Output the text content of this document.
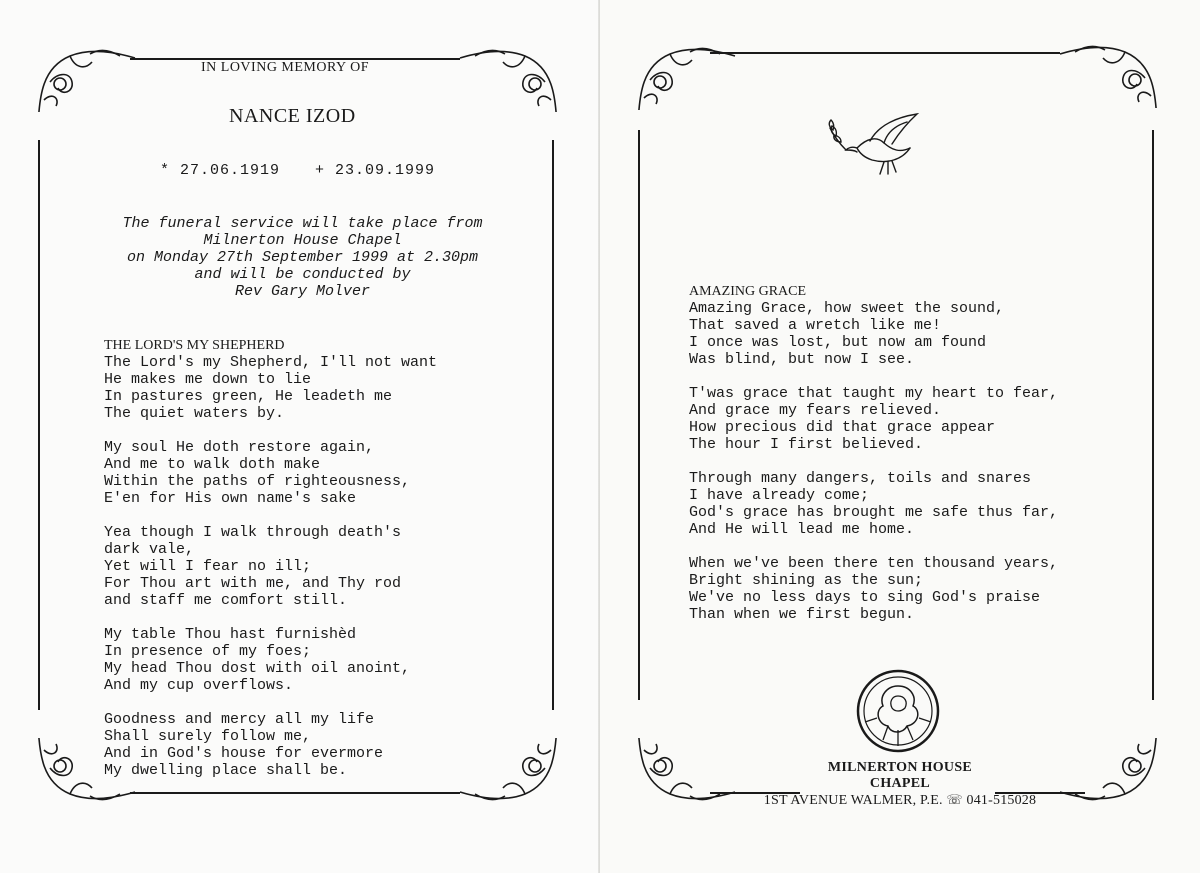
IN LOVING MEMORY OF
NANCE IZOD
* 27.06.1919 + 23.09.1999
The funeral service will take place from
Milnerton House Chapel
on Monday 27th September 1999 at 2.30pm
and will be conducted by
Rev Gary Molver
THE LORD'S MY SHEPHERD
The Lord's my Shepherd, I'll not want
He makes me down to lie
In pastures green, He leadeth me
The quiet waters by.
My soul He doth restore again,
And me to walk doth make
Within the paths of righteousness,
E'en for His own name's sake
Yea though I walk through death's
dark vale,
Yet will I fear no ill;
For Thou art with me, and Thy rod
and staff me comfort still.
My table Thou hast furnishèd
In presence of my foes;
My head Thou dost with oil anoint,
And my cup overflows.
Goodness and mercy all my life
Shall surely follow me,
And in God's house for evermore
My dwelling place shall be.
AMAZING GRACE
Amazing Grace, how sweet the sound,
That saved a wretch like me!
I once was lost, but now am found
Was blind, but now I see.
T'was grace that taught my heart to fear,
And grace my fears relieved.
How precious did that grace appear
The hour I first believed.
Through many dangers, toils and snares
I have already come;
God's grace has brought me safe thus far,
And He will lead me home.
When we've been there ten thousand years,
Bright shining as the sun;
We've no less days to sing God's praise
Than when we first begun.
MILNERTON HOUSE
CHAPEL
1ST AVENUE WALMER, P.E. ☏ 041-515028
